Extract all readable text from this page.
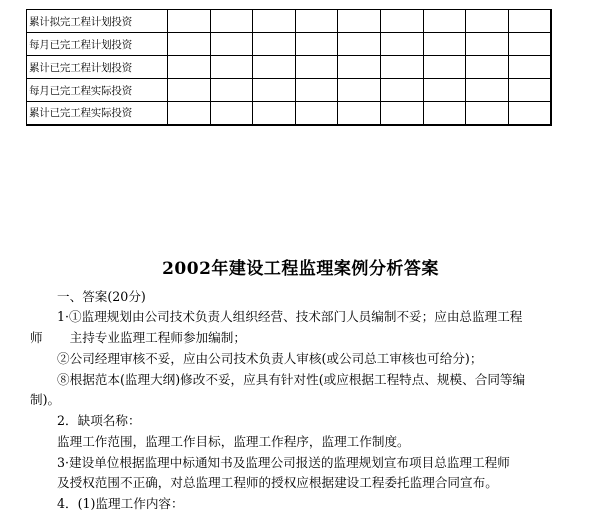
累计拟完工程计划投资									
每月已完工程计划投资									
累计已完工程计划投资									
每月已完工程实际投资									
累计已完工程实际投资									
2002年建设工程监理案例分析答案
一、答案(20分)
1·①监理规划由公司技术负责人组织经营、技术部门人员编制不妥；应由总监理工程
师 主持专业监理工程师参加编制；
②公司经理审核不妥，应由公司技术负责人审核(或公司总工审核也可给分)；
⑧根据范本(监理大纲)修改不妥，应具有针对性(或应根据工程特点、规模、合同等编
制)。
2．缺项名称：
监理工作范围，监理工作目标，监理工作程序，监理工作制度。
3·建设单位根据监理中标通知书及监理公司报送的监理规划宣布项目总监理工程师
及授权范围不正确，对总监理工程师的授权应根据建设工程委托监理合同宣布。
4．(1)监理工作内容：
